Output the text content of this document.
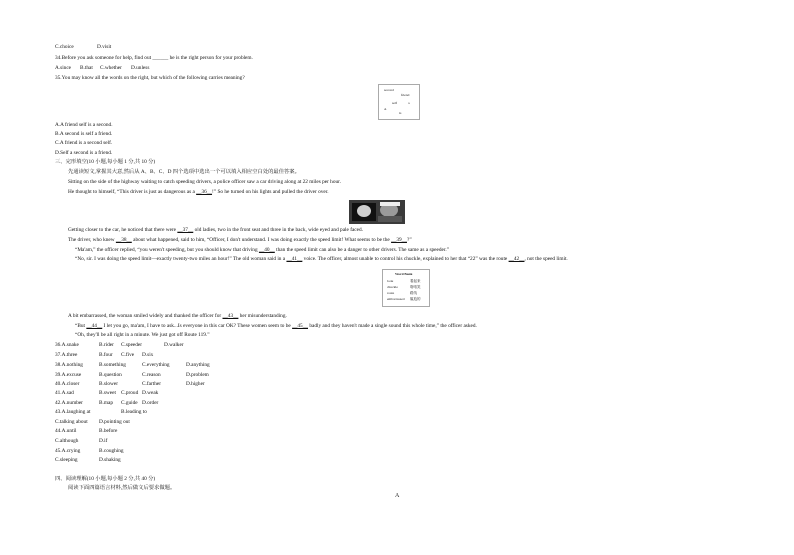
C.choice	D.visit
34.Before you ask someone for help, find out ______ he is the right person for your problem.
A.since B.that C.whether D.unless
35.You may know all the words on the right, but which of the following carries meaning?
second
friend
self	a
is
A
A.A friend self is a second.
B.A second is self a friend.
C.A friend is a second self.
D.Self a second is a friend.
三、完形填空(10 小题,每小题 1 分,共 10 分)
先通读短文,掌握其大意,然后从 A、B、C、D 四个选项中选出一个可以填入相应空白处的最佳答案。
Sitting on the side of the highway waiting to catch speeding drivers, a police officer saw a car driving along at 22 miles per hour.
He thought to himself, “This driver is just as dangerous as a __36__!” So he turned on his lights and pulled the driver over.
Getting closer to the car, he noticed that there were __37__ old ladies, two in the front seat and three in the back, wide eyed and pale faced.
The driver, who knew __38__ about what happened, said to him, “Officer, I don't understand. I was doing exactly the speed limit! What seems to be the __39__?”
“Ma'am,” the officer replied, “you weren't speeding, but you should know that driving __40__ than the speed limit can also be a danger to other drivers. The same as a speeder.”
“No, sir. I was doing the speed limit—exactly twenty-two miles an hour!” The old woman said in a __41__ voice. The officer, almost unable to control his chuckle, explained to her that “22” was the route __42__, not the speed limit.
Word Bank
look	看起来
chuckle	咯咯笑
route	路线
embarrassed 尴尬的
A bit embarrassed, the woman smiled widely and thanked the officer for __43__ her misunderstanding.
“But __44__ I let you go, ma'am, I have to ask...Is everyone in this car OK? These women seem to be __45__ badly and they haven't made a single sound this whole time,” the officer asked.
“Oh, they'll be all right in a minute. We just got off Route 119.”
36.A.snake	B.rider C.speeder	D.walker
37.A.three	B.four C.five D.six
38.A.nothing	B.something	C.everything	D.anything
39.A.excuse	B.question	C.reason	D.problem
40.A.closer	B.slower	C.farther	D.higher
41.A.sad	B.sweet C.proud D.weak
42.A.number	B.map C.guide D.order
43.A.laughing at	B.leading to
C.talking about D.pointing out
44.A.until	B.before
C.although	D.if
45.A.crying	B.coughing
C.sleeping	D.shaking
四、阅读理解(10 小题,每小题 2 分,共 40 分)
阅读下面四篇语言材料,然后做文后要求做题。
A
